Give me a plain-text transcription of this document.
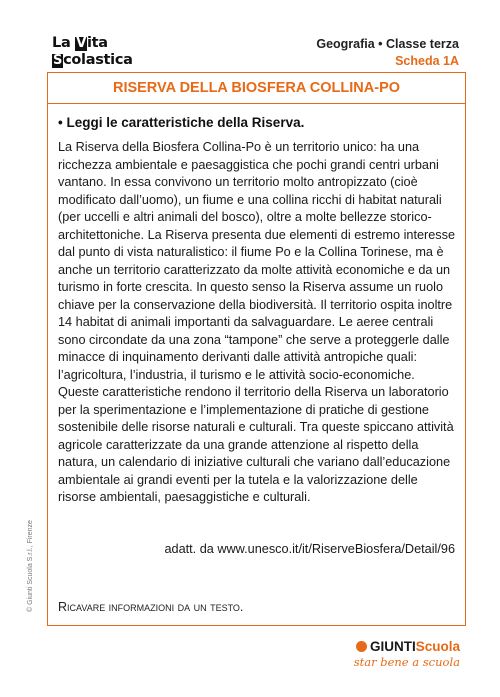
La Vita
Scolastica
Geografia • Classe terza
Scheda 1A
RISERVA DELLA BIOSFERA COLLINA-PO
• Leggi le caratteristiche della Riserva.
La Riserva della Biosfera Collina-Po è un territorio unico: ha una ricchezza ambientale e paesaggistica che pochi grandi centri urbani vantano. In essa convivono un territorio molto antropizzato (cioè modificato dall’uomo), un fiume e una collina ricchi di habitat naturali (per uccelli e altri animali del bosco), oltre a molte bellezze storico-architettoniche. La Riserva presenta due elementi di estremo interesse dal punto di vista naturalistico: il fiume Po e la Collina Torinese, ma è anche un territorio caratterizzato da molte attività economiche e da un turismo in forte crescita. In questo senso la Riserva assume un ruolo chiave per la conservazione della biodiversità. Il territorio ospita inoltre 14 habitat di animali importanti da salvaguardare. Le aeree centrali sono circondate da una zona “tampone” che serve a proteggerle dalle minacce di inquinamento derivanti dalle attività antropiche quali: l’agricoltura, l’industria, il turismo e le attività socio-economiche. Queste caratteristiche rendono il territorio della Riserva un laboratorio per la sperimentazione e l’implementazione di pratiche di gestione sostenibile delle risorse naturali e culturali. Tra queste spiccano attività agricole caratterizzate da una grande attenzione al rispetto della natura, un calendario di iniziative culturali che variano dall’educazione ambientale ai grandi eventi per la tutela e la valorizzazione delle risorse ambientali, paesaggistiche e culturali.
adatt. da www.unesco.it/it/RiserveBiosfera/Detail/96
Ricavare informazioni da un testo.
© Giunti Scuola S.r.l., Firenze
GIUNTIScuola
star bene a scuola
